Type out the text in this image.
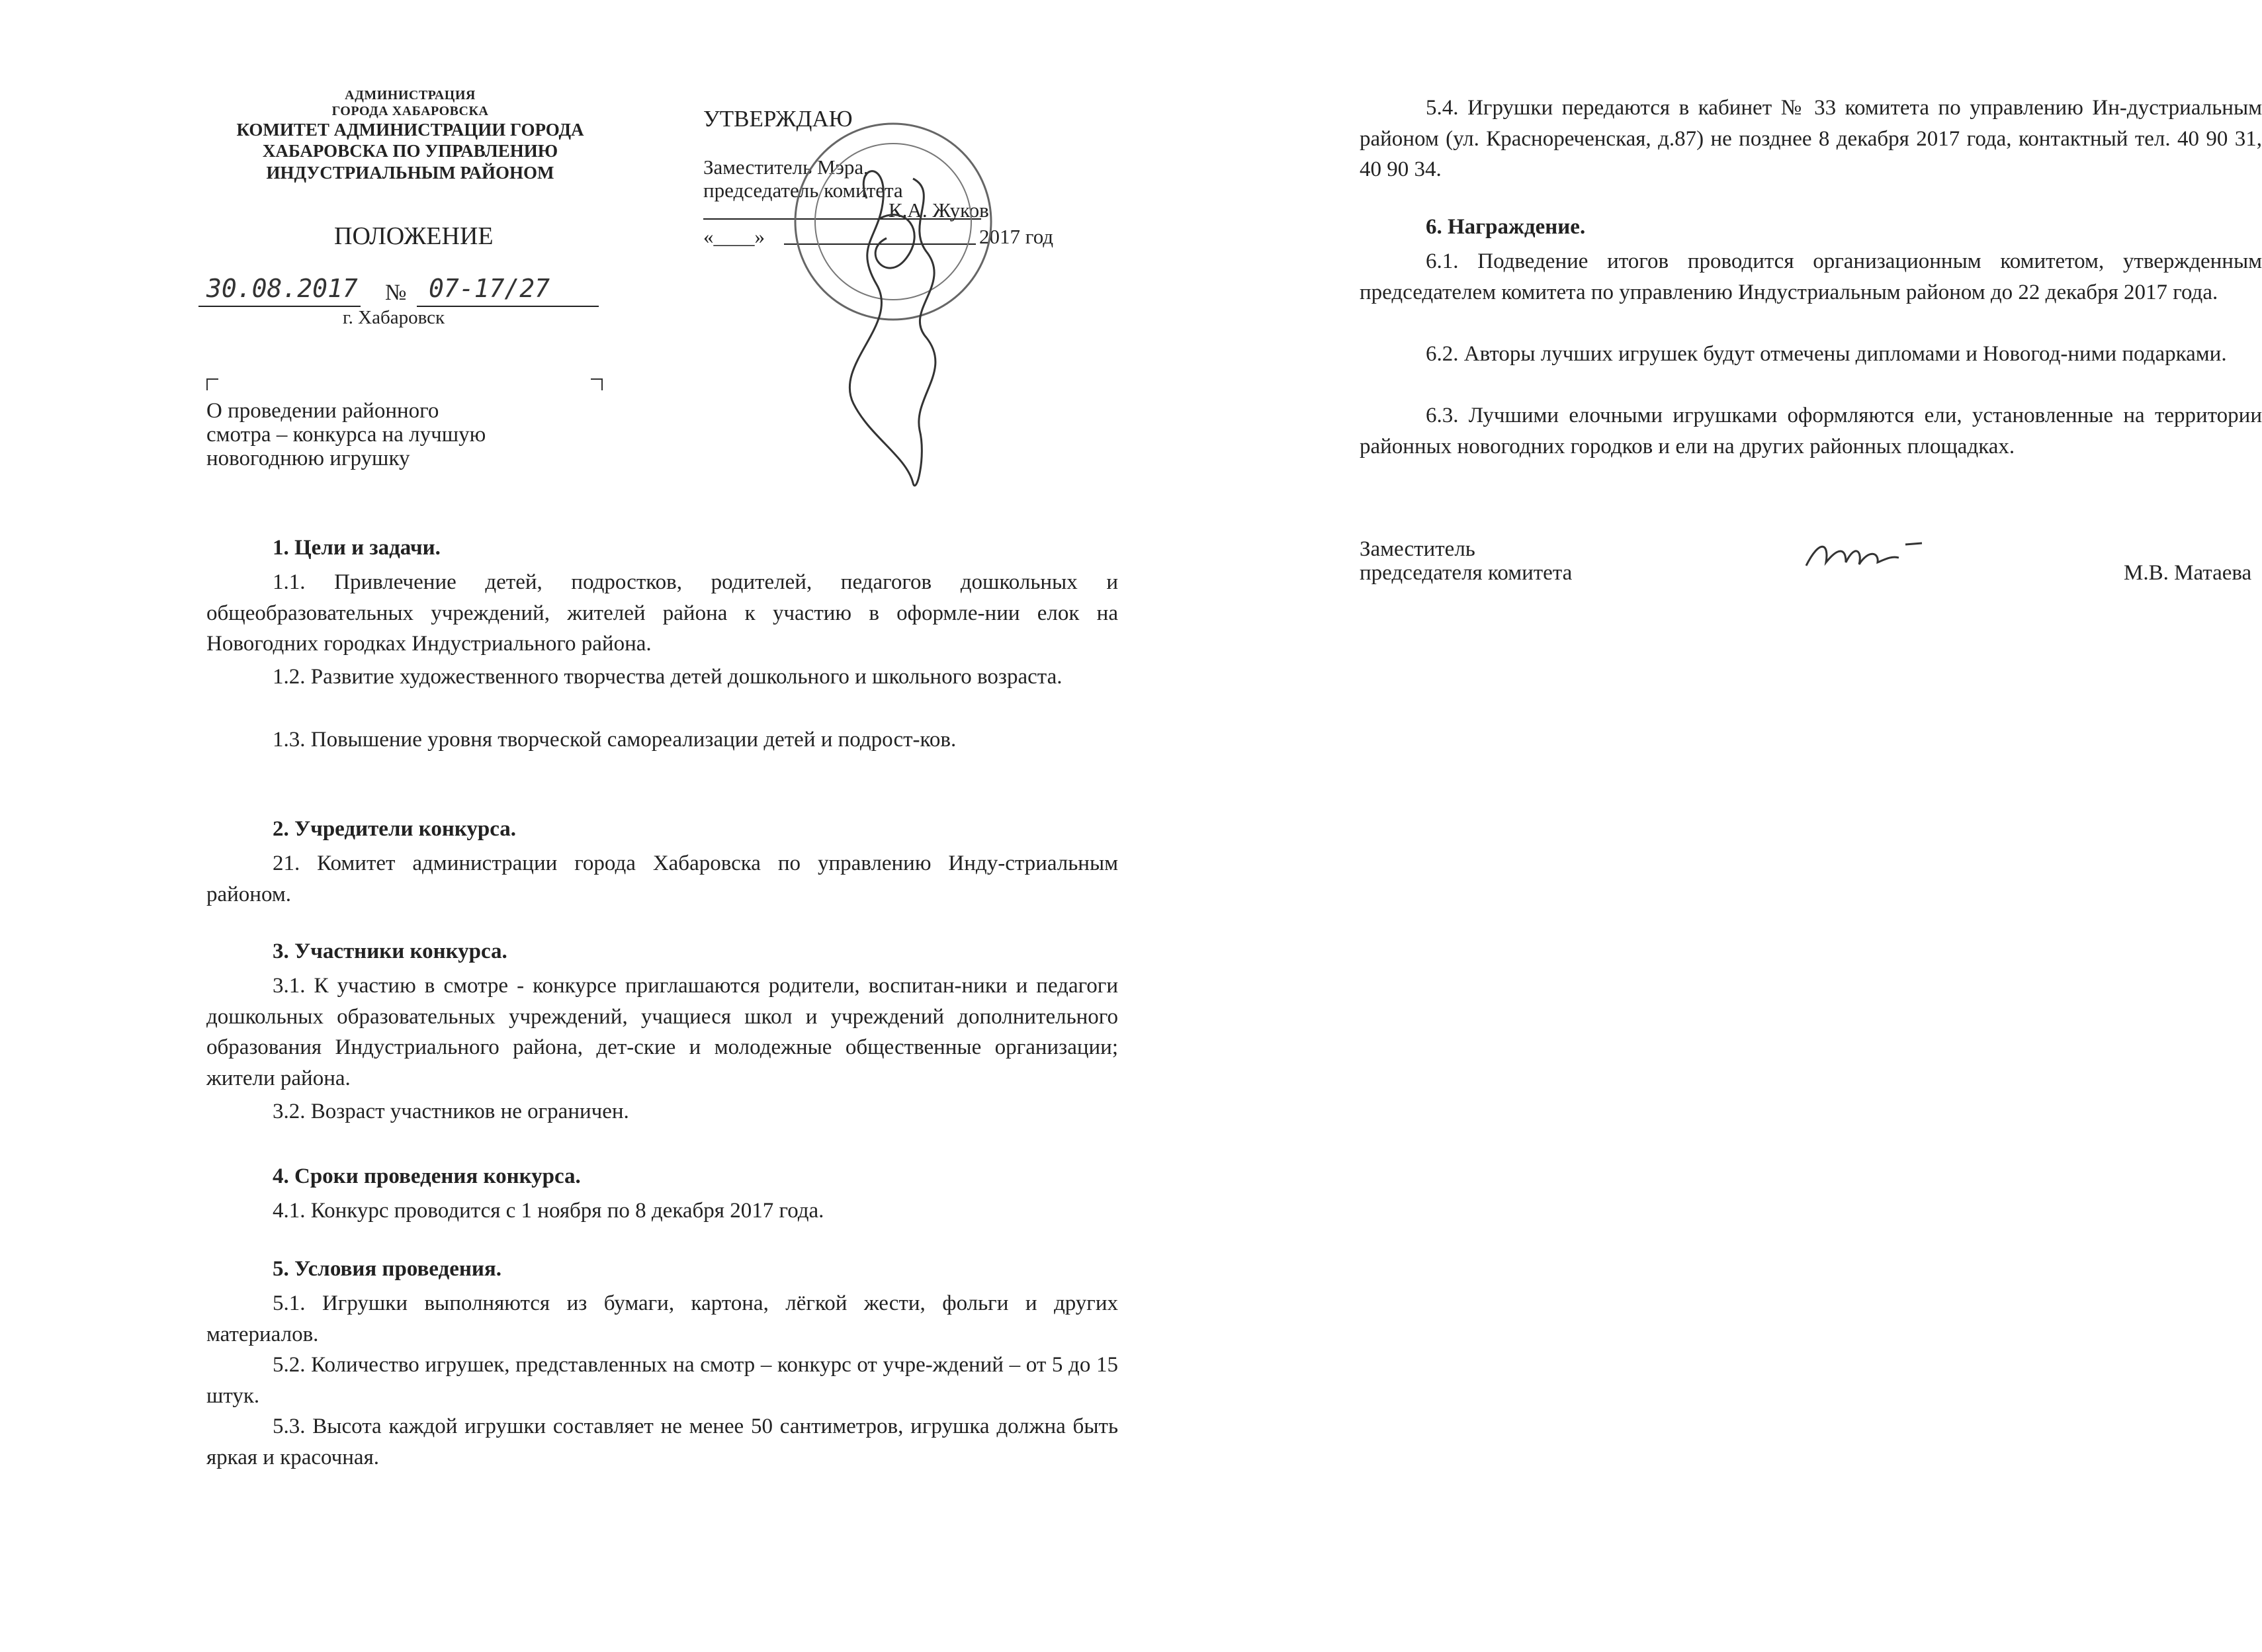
АДМИНИСТРАЦИЯ
ГОРОДА ХАБАРОВСКА
КОМИТЕТ АДМИНИСТРАЦИИ ГОРОДА
ХАБАРОВСКА ПО УПРАВЛЕНИЮ
ИНДУСТРИАЛЬНЫМ РАЙОНОМ
ПОЛОЖЕНИЕ
30.08.2017 № 07-17/27
г. Хабаровск
УТВЕРЖДАЮ
Заместитель Мэра,
председатель комитета
К.А. Жуков
«____»	2017 год
О проведении районного
смотра – конкурса на лучшую
новогоднюю игрушку
1. Цели и задачи.
1.1. Привлечение детей, подростков, родителей, педагогов дошкольных и общеобразовательных учреждений, жителей района к участию в оформле-нии елок на Новогодних городках Индустриального района.
1.2. Развитие художественного творчества детей дошкольного и школьного возраста.
1.3. Повышение уровня творческой самореализации детей и подрост-ков.
2. Учредители конкурса.
21. Комитет администрации города Хабаровска по управлению Инду-стриальным районом.
3. Участники конкурса.
3.1. К участию в смотре - конкурсе приглашаются родители, воспитан-ники и педагоги дошкольных образовательных учреждений, учащиеся школ и учреждений дополнительного образования Индустриального района, дет-ские и молодежные общественные организации; жители района.
3.2. Возраст участников не ограничен.
4. Сроки проведения конкурса.
4.1. Конкурс проводится с 1 ноября по 8 декабря 2017 года.
5. Условия проведения.
5.1. Игрушки выполняются из бумаги, картона, лёгкой жести, фольги и других материалов.
5.2. Количество игрушек, представленных на смотр – конкурс от учре-ждений – от 5 до 15 штук.
5.3. Высота каждой игрушки составляет не менее 50 сантиметров, игрушка должна быть яркая и красочная.
5.4. Игрушки передаются в кабинет № 33 комитета по управлению Ин-дустриальным районом (ул. Краснореченская, д.87) не позднее 8 декабря 2017 года, контактный тел. 40 90 31, 40 90 34.
6. Награждение.
6.1. Подведение итогов проводится организационным комитетом, утвержденным председателем комитета по управлению Индустриальным районом до 22 декабря 2017 года.
6.2. Авторы лучших игрушек будут отмечены дипломами и Новогод-ними подарками.
6.3. Лучшими елочными игрушками оформляются ели, установленные на территории районных новогодних городков и ели на других районных площадках.
Заместитель
председателя комитета	М.В. Матаева
